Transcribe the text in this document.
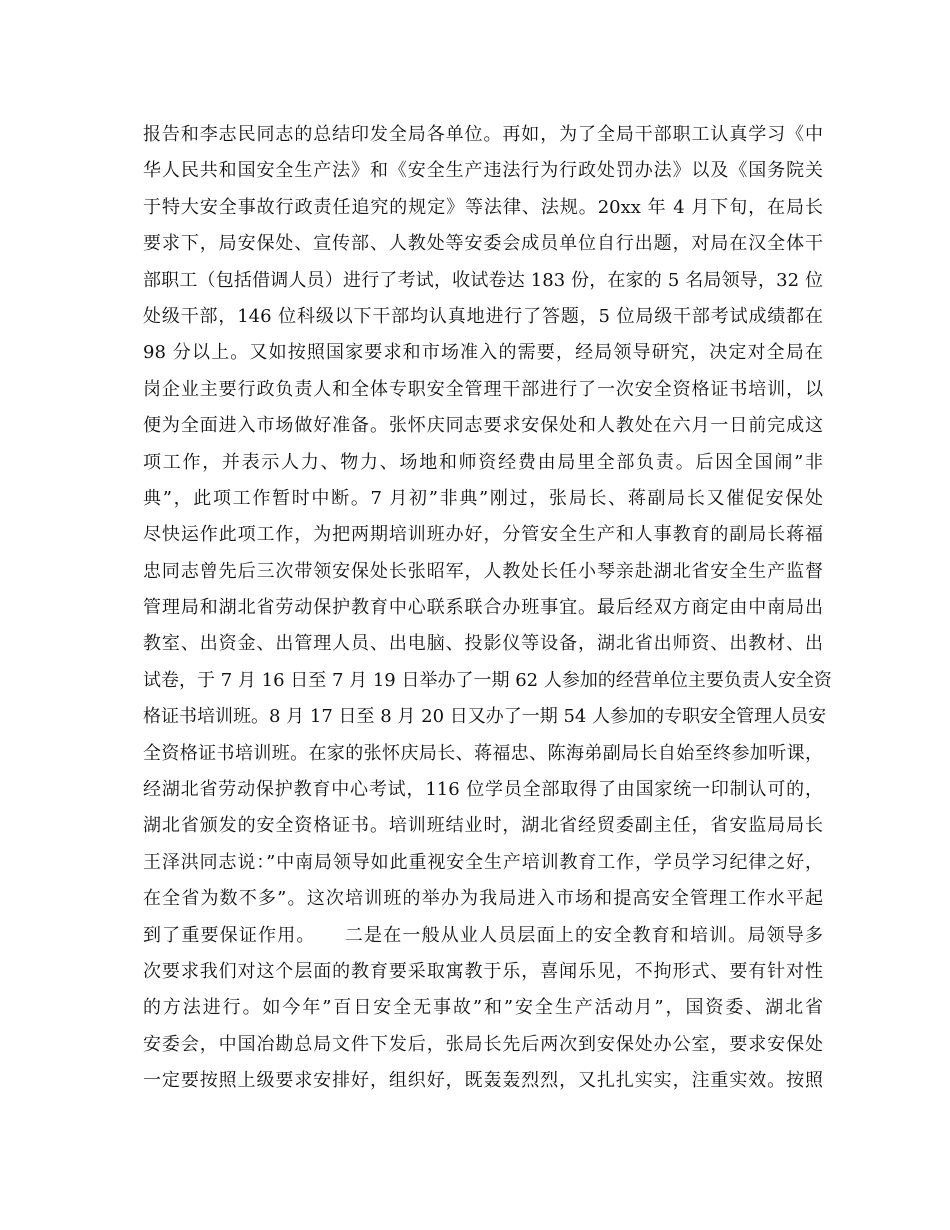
报告和李志民同志的总结印发全局各单位。再如，为了全局干部职工认真学习《中
华人民共和国安全生产法》和《安全生产违法行为行政处罚办法》以及《国务院关
于特大安全事故行政责任追究的规定》等法律、法规。20xx 年 4 月下旬，在局长
要求下，局安保处、宣传部、人教处等安委会成员单位自行出题，对局在汉全体干
部职工（包括借调人员）进行了考试，收试卷达 183 份，在家的 5 名局领导，32 位
处级干部，146 位科级以下干部均认真地进行了答题，5 位局级干部考试成绩都在
98 分以上。又如按照国家要求和市场准入的需要，经局领导研究，决定对全局在
岗企业主要行政负责人和全体专职安全管理干部进行了一次安全资格证书培训，以
便为全面进入市场做好准备。张怀庆同志要求安保处和人教处在六月一日前完成这
项工作，并表示人力、物力、场地和师资经费由局里全部负责。后因全国闹”非
典”，此项工作暂时中断。7 月初”非典”刚过，张局长、蒋副局长又催促安保处
尽快运作此项工作，为把两期培训班办好，分管安全生产和人事教育的副局长蒋福
忠同志曾先后三次带领安保处长张昭军，人教处长任小琴亲赴湖北省安全生产监督
管理局和湖北省劳动保护教育中心联系联合办班事宜。最后经双方商定由中南局出
教室、出资金、出管理人员、出电脑、投影仪等设备，湖北省出师资、出教材、出
试卷，于 7 月 16 日至 7 月 19 日举办了一期 62 人参加的经营单位主要负责人安全资
格证书培训班。8 月 17 日至 8 月 20 日又办了一期 54 人参加的专职安全管理人员安
全资格证书培训班。在家的张怀庆局长、蒋福忠、陈海弟副局长自始至终参加听课，
经湖北省劳动保护教育中心考试，116 位学员全部取得了由国家统一印制认可的，
湖北省颁发的安全资格证书。培训班结业时，湖北省经贸委副主任，省安监局局长
王泽洪同志说：”中南局领导如此重视安全生产培训教育工作，学员学习纪律之好，
在全省为数不多”。这次培训班的举办为我局进入市场和提高安全管理工作水平起
到了重要保证作用。　　二是在一般从业人员层面上的安全教育和培训。局领导多
次要求我们对这个层面的教育要采取寓教于乐，喜闻乐见，不拘形式、要有针对性
的方法进行。如今年”百日安全无事故”和”安全生产活动月”，国资委、湖北省
安委会，中国冶勘总局文件下发后，张局长先后两次到安保处办公室，要求安保处
一定要按照上级要求安排好，组织好，既轰轰烈烈，又扎扎实实，注重实效。按照
